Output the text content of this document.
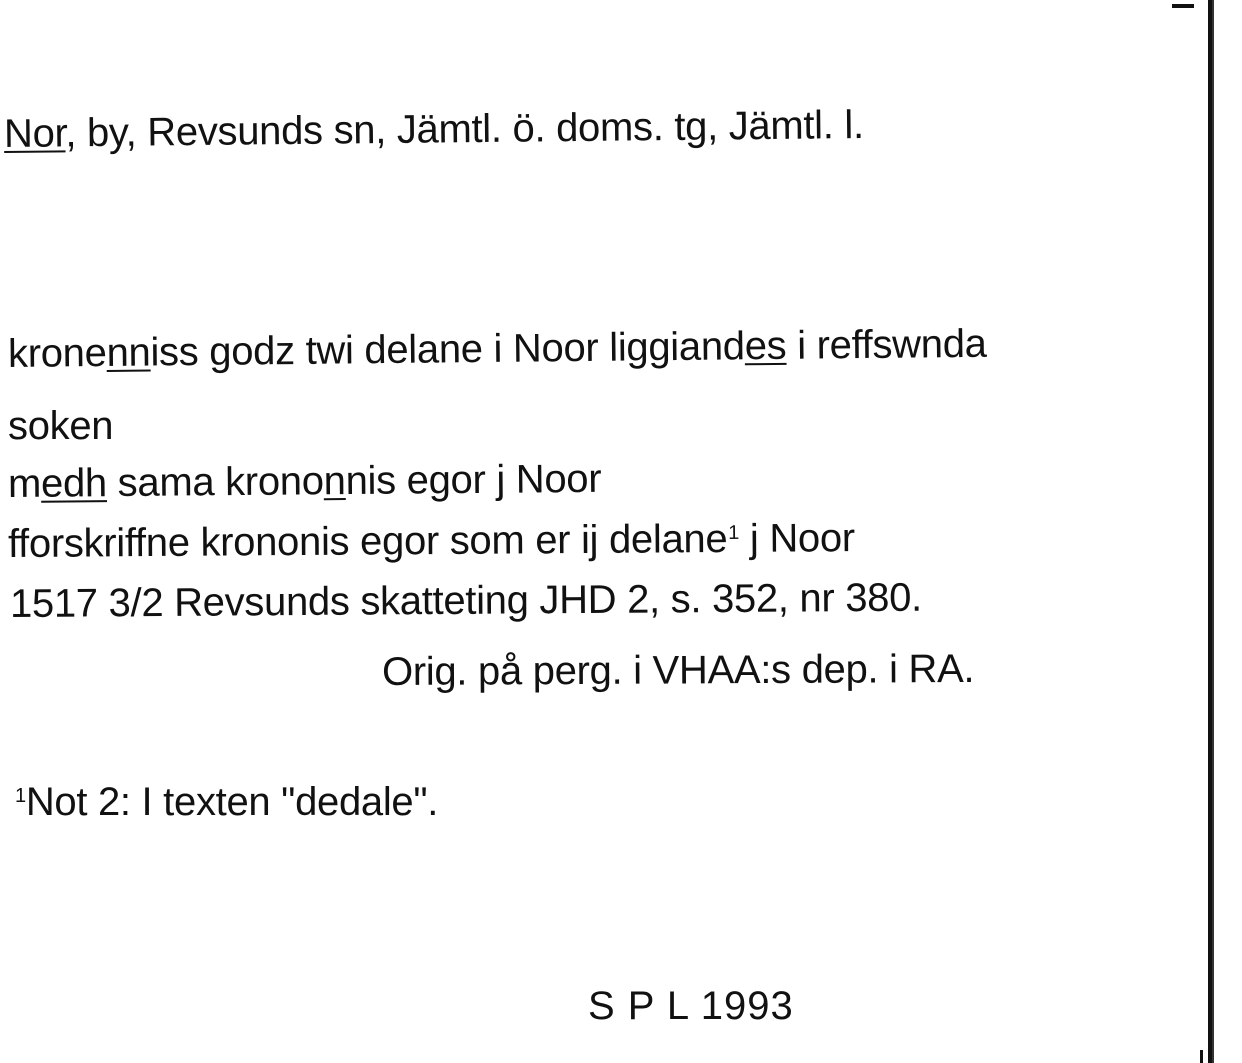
Nor, by, Revsunds sn, Jämtl. ö. doms. tg, Jämtl. l.
kronenniss godz twi delane i Noor liggiandes i reffswnda
soken
medh sama krononnis egor j Noor
fforskriffne krononis egor som er ij delane$^1$ j Noor
1517 3/2 Revsunds skatteting JHD 2, s. 352, nr 380.
Orig. på perg. i VHAA:s dep. i RA.
$^1$Not 2: I texten "dedale".
S P L 1993
